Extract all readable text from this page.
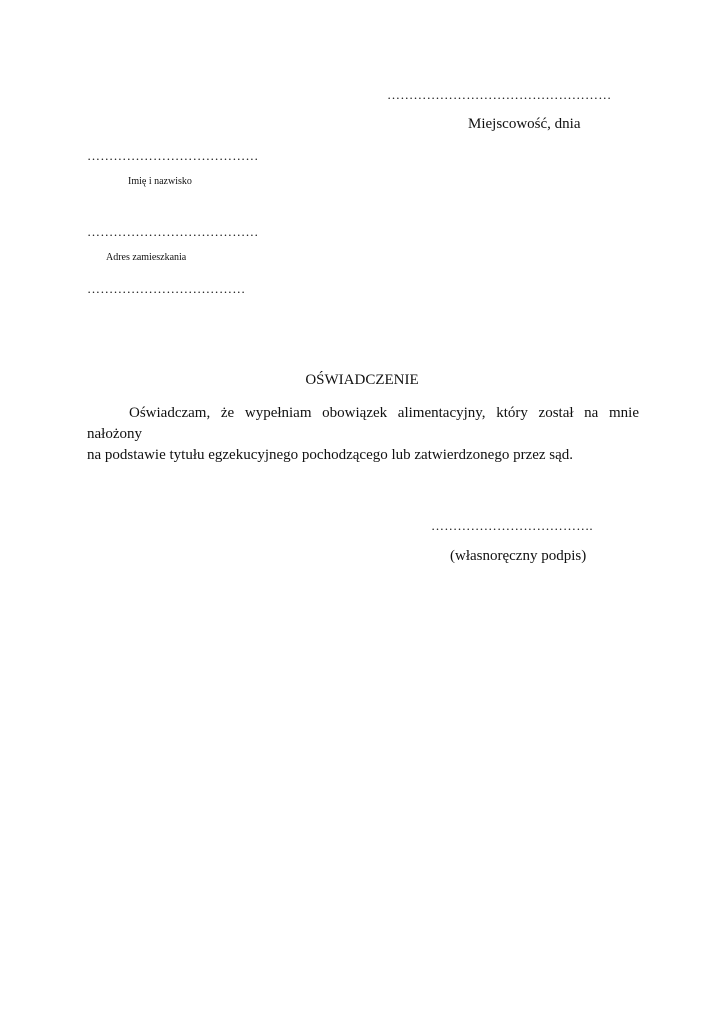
……………………………………………
Miejscowość, dnia
…………………………………
Imię i nazwisko
…………………………………
Adres zamieszkania
………………………………
OŚWIADCZENIE

Oświadczam, że wypełniam obowiązek alimentacyjny, który został na mnie nałożony
na podstawie tytułu egzekucyjnego pochodzącego lub zatwierdzonego przez sąd.

……………………………….
(własnoręczny podpis)
